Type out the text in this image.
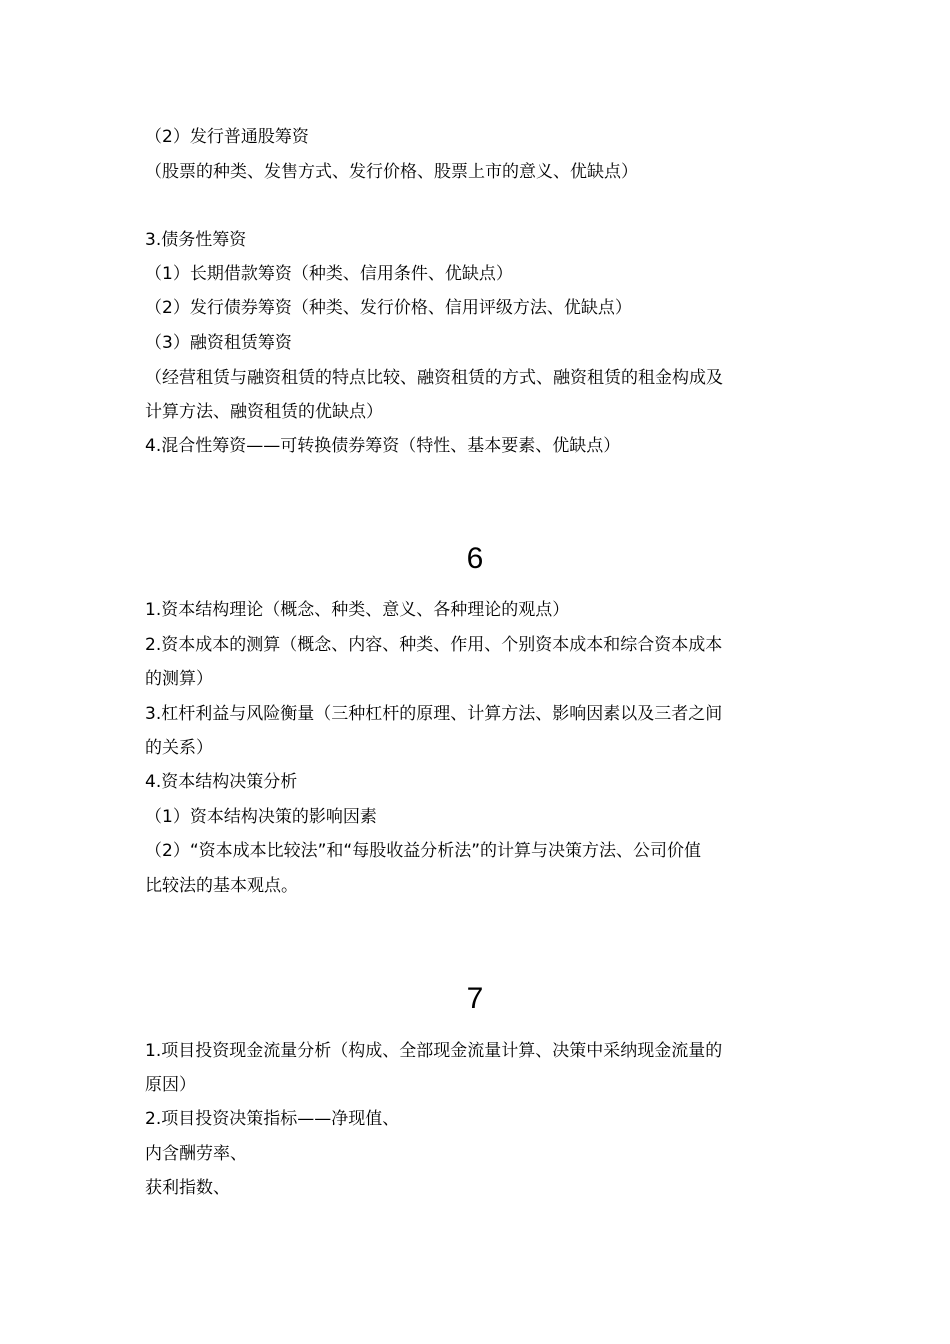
（2）发行普通股筹资
（股票的种类、发售方式、发行价格、股票上市的意义、优缺点）
3.债务性筹资
（1）长期借款筹资（种类、信用条件、优缺点）
（2）发行债券筹资（种类、发行价格、信用评级方法、优缺点）
（3）融资租赁筹资
（经营租赁与融资租赁的特点比较、融资租赁的方式、融资租赁的租金构成及
计算方法、融资租赁的优缺点）
4.混合性筹资——可转换债券筹资（特性、基本要素、优缺点）
6
1.资本结构理论（概念、种类、意义、各种理论的观点）
2.资本成本的测算（概念、内容、种类、作用、个别资本成本和综合资本成本
的测算）
3.杠杆利益与风险衡量（三种杠杆的原理、计算方法、影响因素以及三者之间
的关系）
4.资本结构决策分析
（1）资本结构决策的影响因素
（2）“资本成本比较法”和“每股收益分析法”的计算与决策方法、公司价值
比较法的基本观点。
7
1.项目投资现金流量分析（构成、全部现金流量计算、决策中采纳现金流量的
原因）
2.项目投资决策指标——净现值、
内含酬劳率、
获利指数、
